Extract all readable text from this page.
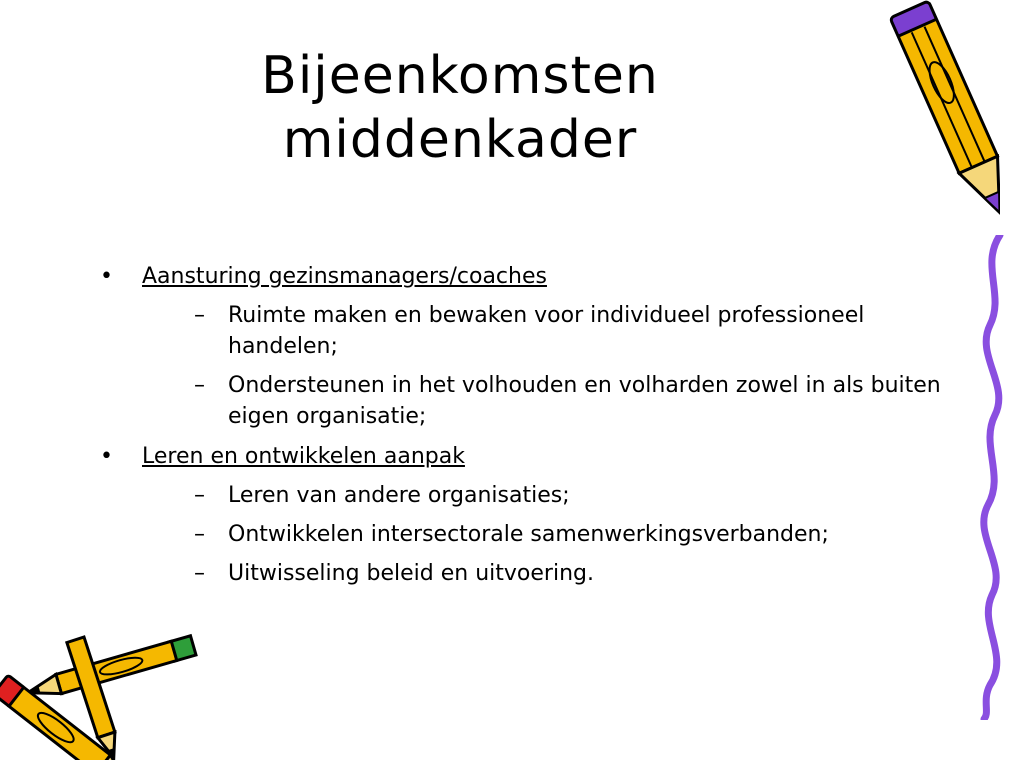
Bijeenkomsten
middenkader
•	Aansturing gezinsmanagers/coaches
– Ruimte maken en bewaken voor individueel professioneel handelen;
– Ondersteunen in het volhouden en volharden zowel in als buiten eigen organisatie;
•	Leren en ontwikkelen aanpak
– Leren van andere organisaties;
– Ontwikkelen intersectorale samenwerkingsverbanden;
– Uitwisseling beleid en uitvoering.
